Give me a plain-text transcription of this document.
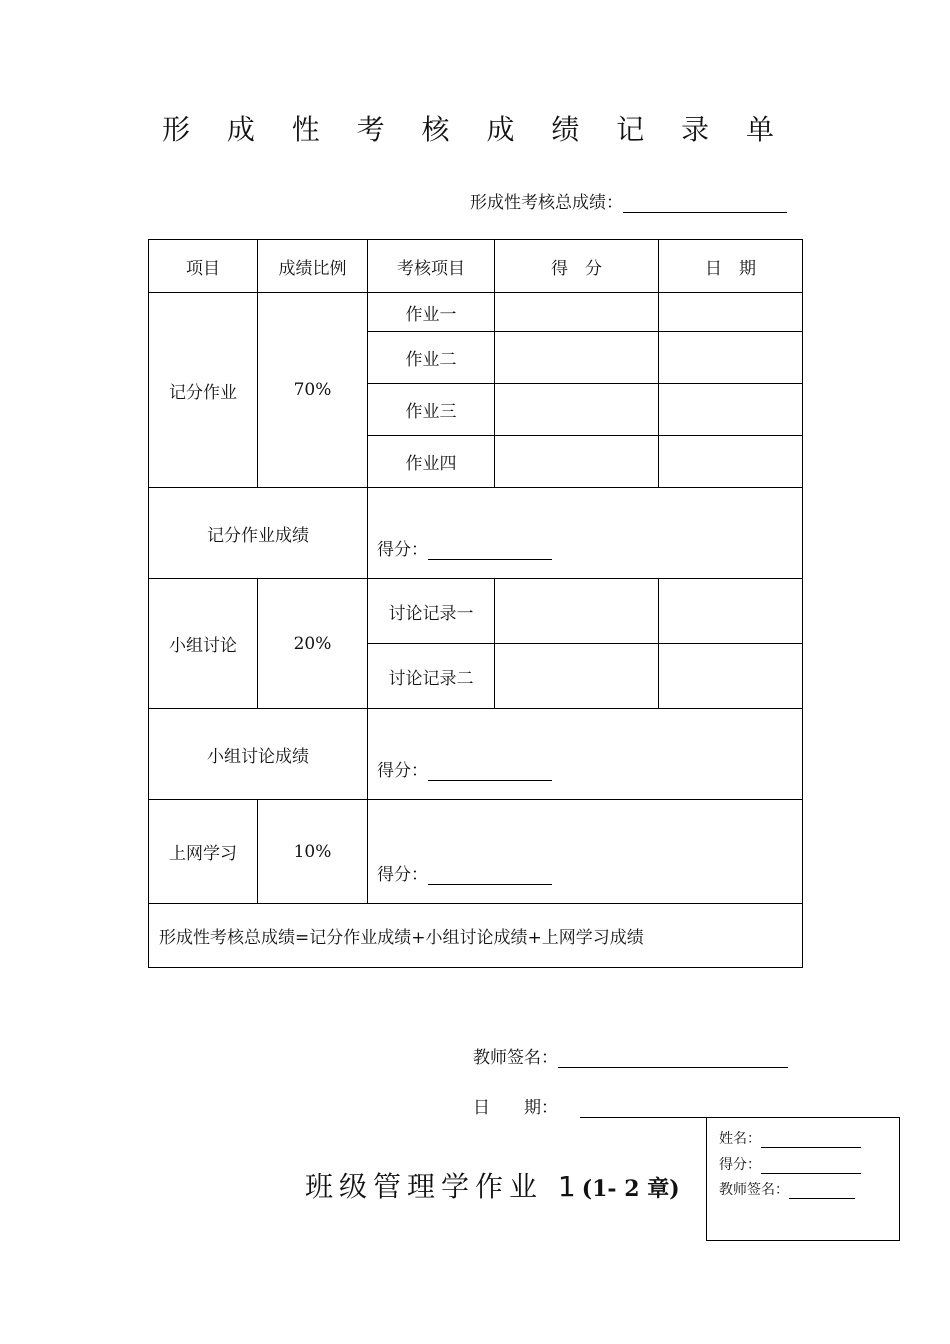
形 成 性 考 核 成 绩 记 录 单
形成性考核总成绩：
项目	成绩比例	考核项目	得　分	日　期
记分作业	70%	作业一		
		作业二		
		作业三		
		作业四		
记分作业成绩		得分：		
小组讨论	20%	讨论记录一		
		讨论记录二		
小组讨论成绩		得分：		
上网学习	10%	得分：		
形成性考核总成绩=记分作业成绩+小组讨论成绩+上网学习成绩				
教师签名：
日　　期：
班级管理学作业 1 (1- 2 章)
姓名：
得分：
教师签名：
